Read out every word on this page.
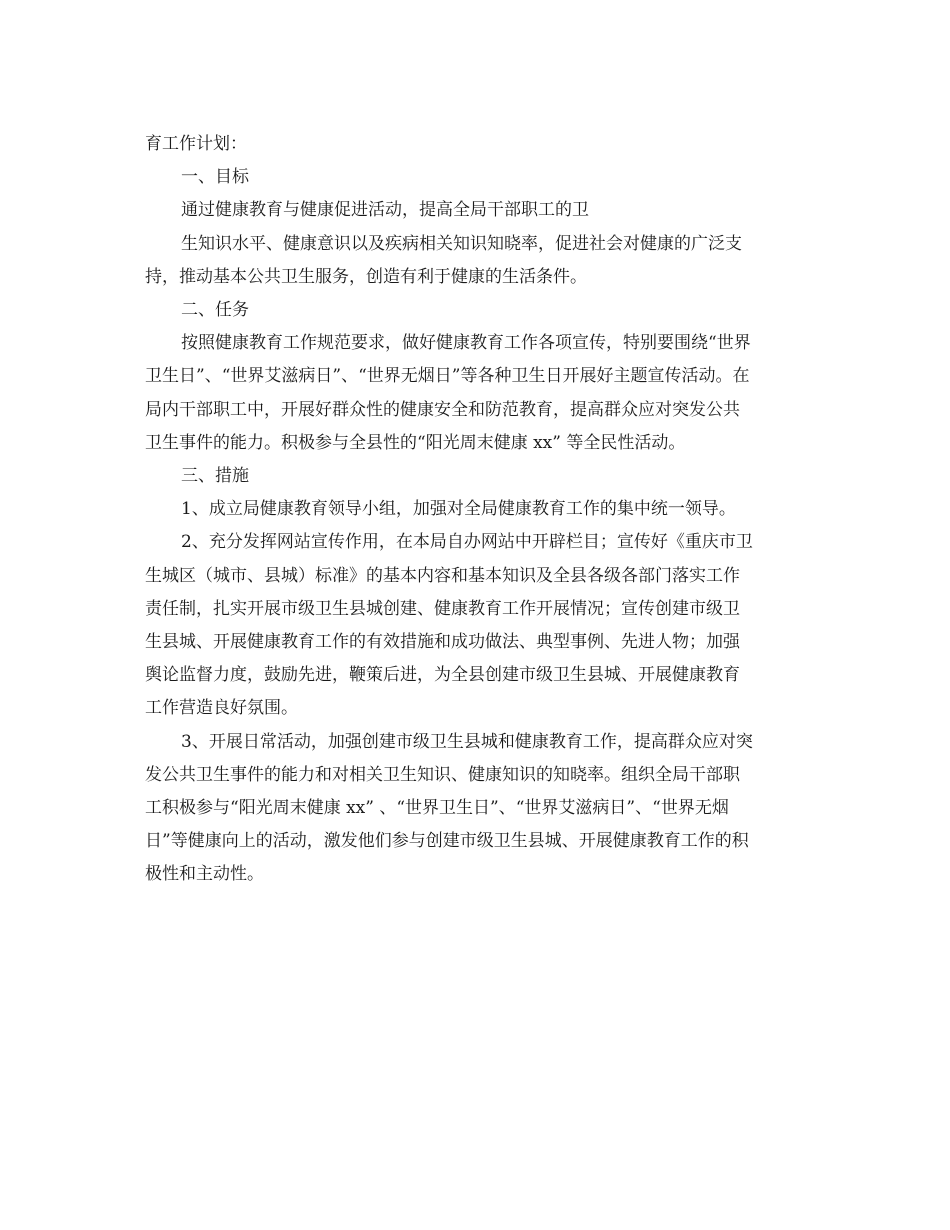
育工作计划：

一、目标

通过健康教育与健康促进活动，提高全局干部职工的卫
生知识水平、健康意识以及疾病相关知识知晓率，促进社会对健康的广泛支
持，推动基本公共卫生服务，创造有利于健康的生活条件。

二、任务

按照健康教育工作规范要求，做好健康教育工作各项宣传，特别要围绕“世界
卫生日”、“世界艾滋病日”、“世界无烟日”等各种卫生日开展好主题宣传活动。在
局内干部职工中，开展好群众性的健康安全和防范教育，提高群众应对突发公共
卫生事件的能力。积极参与全县性的“阳光周末健康 xx” 等全民性活动。

三、措施

1、成立局健康教育领导小组，加强对全局健康教育工作的集中统一领导。

2、充分发挥网站宣传作用，在本局自办网站中开辟栏目；宣传好《重庆市卫
生城区（城市、县城）标准》的基本内容和基本知识及全县各级各部门落实工作
责任制，扎实开展市级卫生县城创建、健康教育工作开展情况；宣传创建市级卫
生县城、开展健康教育工作的有效措施和成功做法、典型事例、先进人物；加强
舆论监督力度，鼓励先进，鞭策后进，为全县创建市级卫生县城、开展健康教育
工作营造良好氛围。

3、开展日常活动，加强创建市级卫生县城和健康教育工作，提高群众应对突
发公共卫生事件的能力和对相关卫生知识、健康知识的知晓率。组织全局干部职
工积极参与“阳光周末健康 xx” 、“世界卫生日”、“世界艾滋病日”、“世界无烟
日”等健康向上的活动，激发他们参与创建市级卫生县城、开展健康教育工作的积
极性和主动性。
